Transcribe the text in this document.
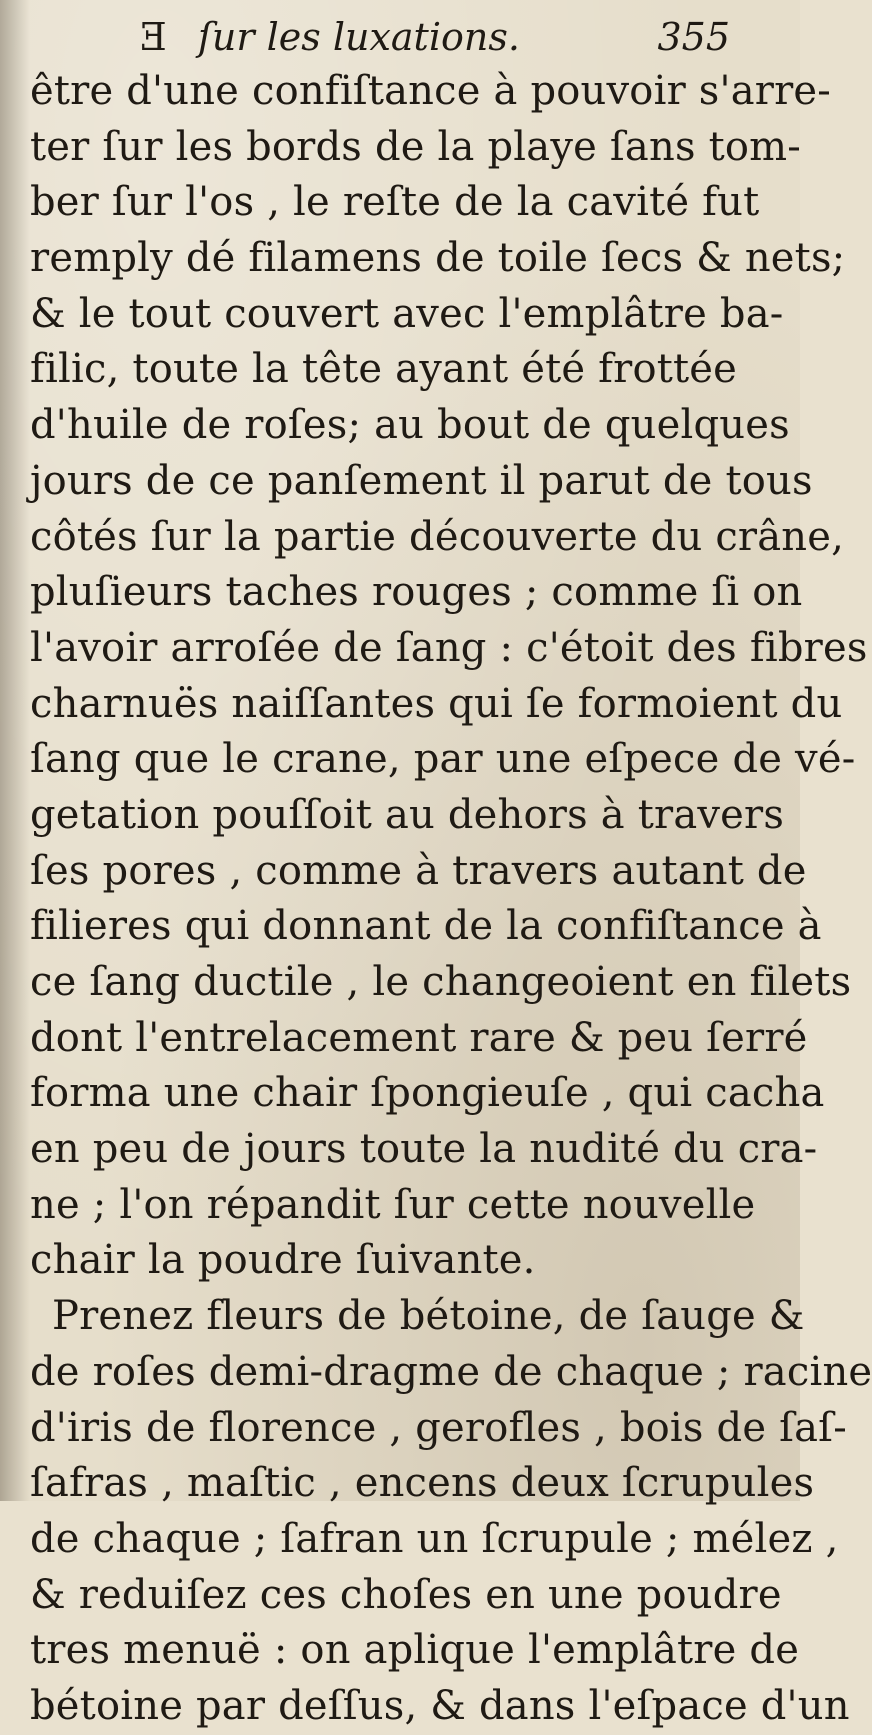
Ǝ ſur les luxations.	355
être d'une confiſtance à pouvoir s'arre-
ter ſur les bords de la playe ſans tom-
ber ſur l'os , le reſte de la cavité fut
remply dé filamens de toile ſecs & nets;
& le tout couvert avec l'emplâtre ba-
filic, toute la tête ayant été frottée
d'huile de roſes; au bout de quelques
jours de ce panſement il parut de tous
côtés ſur la partie découverte du crâne,
pluſieurs taches rouges ; comme ſi on
l'avoir arroſée de ſang : c'étoit des fibres
charnuës naiſſantes qui ſe formoient du
ſang que le crane, par une eſpece de vé-
getation pouſſoit au dehors à travers
ſes pores , comme à travers autant de
filieres qui donnant de la confiſtance à
ce ſang ductile , le changeoient en filets
dont l'entrelacement rare & peu ſerré
forma une chair ſpongieuſe , qui cacha
en peu de jours toute la nudité du cra-
ne ; l'on répandit ſur cette nouvelle
chair la poudre ſuivante.
Prenez fleurs de bétoine, de ſauge &
de roſes demi-dragme de chaque ; racine
d'iris de florence , gerofles , bois de ſaſ-
ſafras , maſtic , encens deux ſcrupules
de chaque ; ſafran un ſcrupule ; mélez ,
& reduiſez ces choſes en une poudre
tres menuë : on aplique l'emplâtre de
bétoine par deſſus, & dans l'eſpace d'un
